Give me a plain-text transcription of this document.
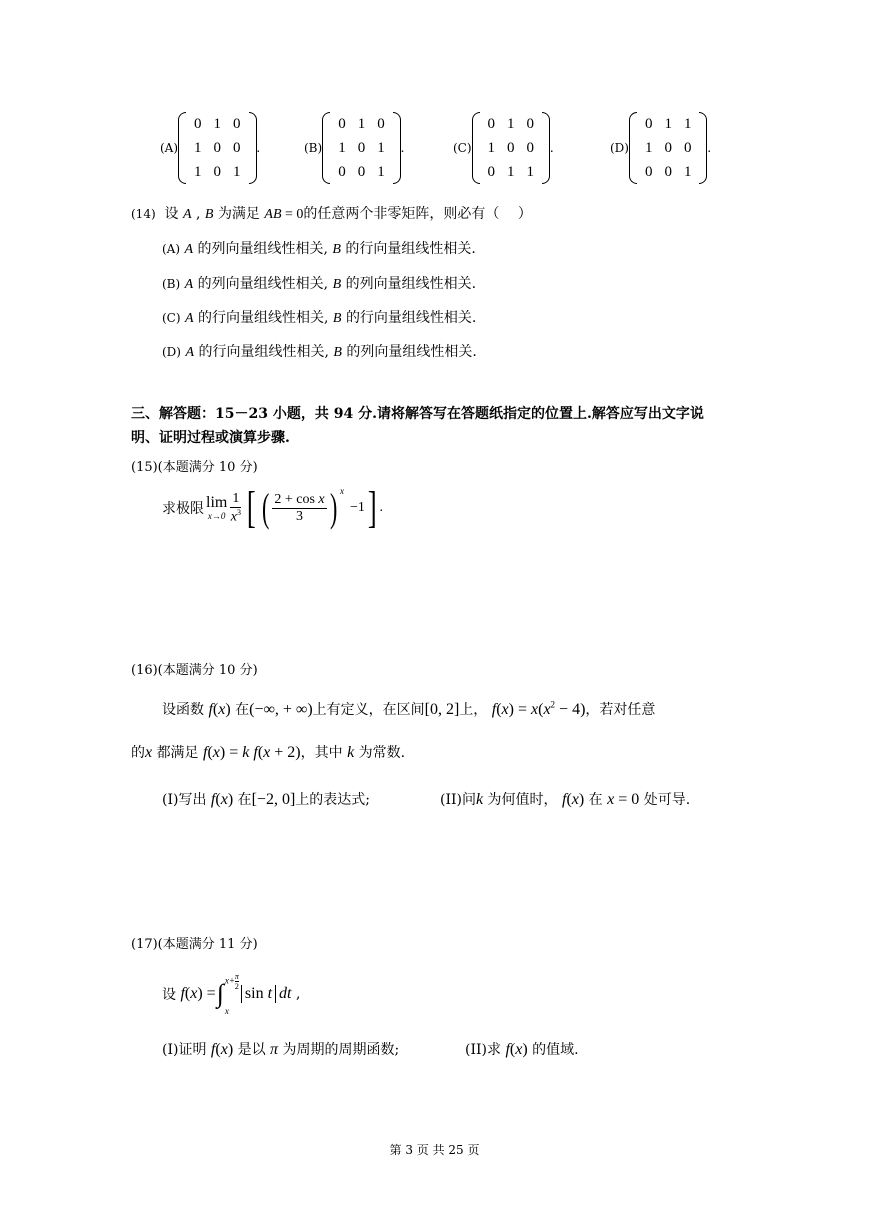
(A)
0	1	0
1	0	0
1	0	1
.	(B)
0	1	0
1	0	1
0	0	1
.	(C)
0	1	0
1	0	0
0	1	1
.	(D)
0	1	1
1	0	0
0	0	1
.
(14) 设 A , B 为满足 AB = 0的任意两个非零矩阵，则必有（　 ）
(A) A 的列向量组线性相关, B 的行向量组线性相关.
(B) A 的列向量组线性相关, B 的列向量组线性相关.
(C) A 的行向量组线性相关, B 的行向量组线性相关.
(D) A 的行向量组线性相关, B 的列向量组线性相关.
三、解答题：15－23 小题，共 94 分.请将解答写在答题纸指定的位置上.解答应写出文字说
明、证明过程或演算步骤.
(15)(本题满分 10 分)
求极限 lim
$x\to 0 \frac{1}{x^3}$ [ ( $\frac{\text{2 + cos x}}{3}$ ) $^x$
−1 ] .
(16)(本题满分 10 分)
设函数 f(x) 在(−∞, + ∞)上有定义，在区间[0, 2]上， $f(x) = x(x^2 - 4)$，若对任意
的x 都满足 f(x) = k f(x + 2)，其中 k 为常数.
(I)写出 f(x) 在[−2, 0]上的表达式;	(II)问k 为何值时， f(x) 在 x = 0 处可导.
(17)(本题满分 11 分)
设
f(x) = ∫ $x+ \frac{\pi}{2}$
x
sin t dt ,
(I)证明 f(x) 是以 π 为周期的周期函数;	(II)求 f(x) 的值域.
第 3 页 共 25 页
